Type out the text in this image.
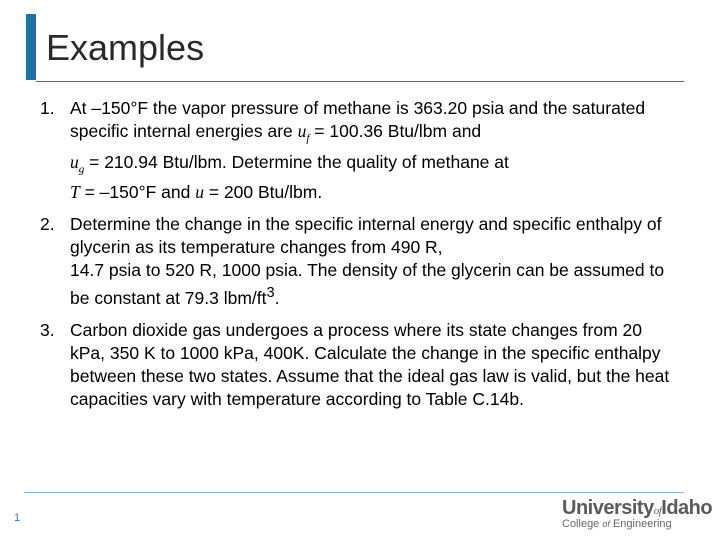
Examples
1. At –150°F the vapor pressure of methane is 363.20 psia and the saturated specific internal energies are $u_f = 100.36$ Btu/lbm and
$u_g = 210.94$ Btu/lbm. Determine the quality of methane at
T = –150°F and u = 200 Btu/lbm.
2. Determine the change in the specific internal energy and specific enthalpy of glycerin as its temperature changes from 490 R,
14.7 psia to 520 R, 1000 psia. The density of the glycerin can be assumed to be constant at 79.3 lbm/$ft^3$.
3. Carbon dioxide gas undergoes a process where its state changes from 20 kPa, 350 K to 1000 kPa, 400K. Calculate the change in the specific enthalpy between these two states. Assume that the ideal gas law is valid, but the heat capacities vary with temperature according to Table C.14b.
1	UniversityofIdaho
College of Engineering
